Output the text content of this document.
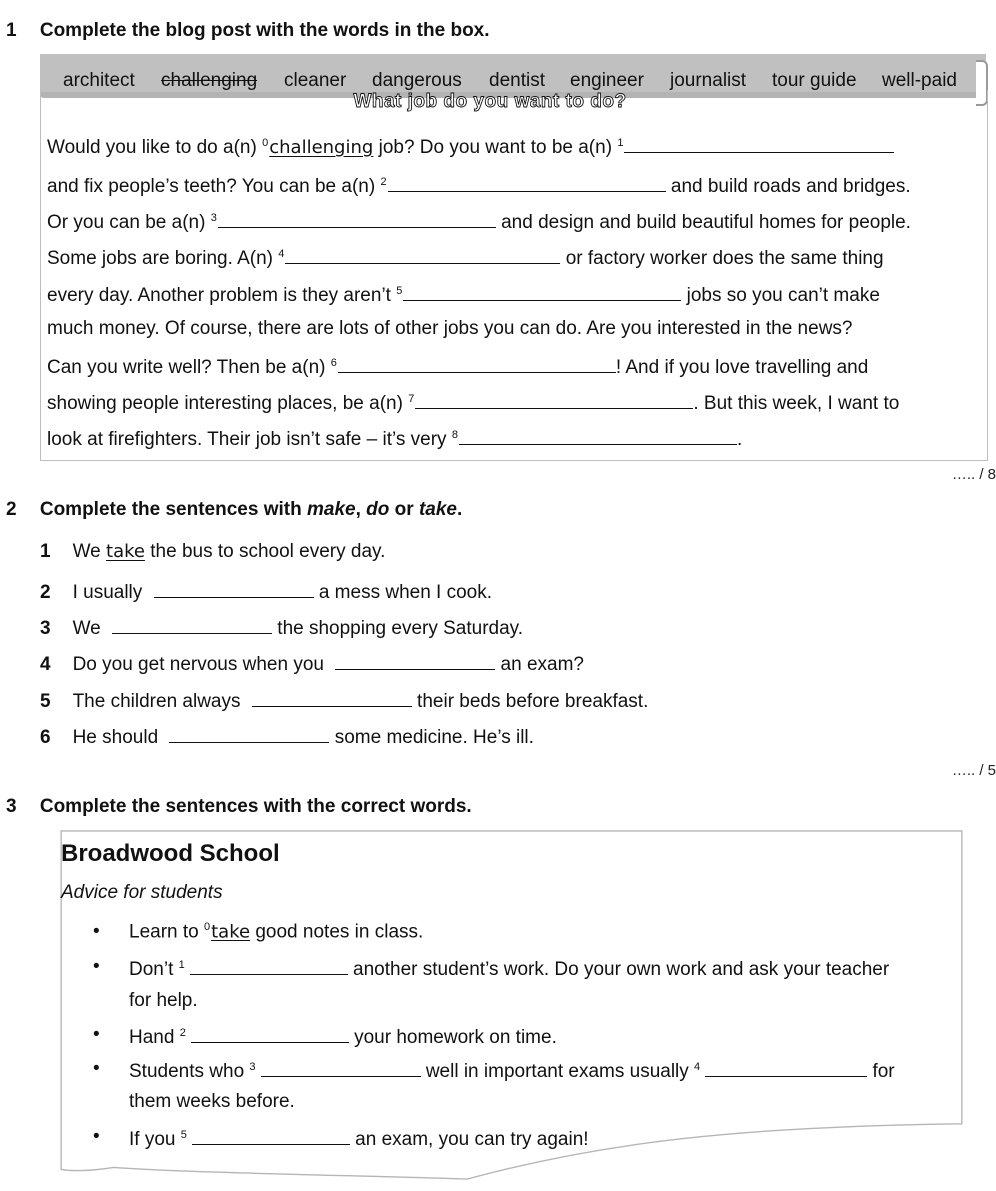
1 Complete the blog post with the words in the box.
architect challenging cleaner dangerous dentist engineer journalist tour guide well-paid
What job do you want to do?
Would you like to do a(n) $^0$challenging job? Do you want to be a(n) $^1$
and fix people’s teeth? You can be a(n) $^2$	and build roads and bridges.
Or you can be a(n) $^3$	and design and build beautiful homes for people.
Some jobs are boring. A(n) $^4$	or factory worker does the same thing
every day. Another problem is they aren’t $^5$	jobs so you can’t make
much money. Of course, there are lots of other jobs you can do. Are you interested in the news?
Can you write well? Then be a(n) $^6$	! And if you love travelling and
showing people interesting places, be a(n) $^7$	. But this week, I want to
look at firefighters. Their job isn’t safe – it’s very $^8$	.
….. / 8
2 Complete the sentences with make, do or take.
1 We take the bus to school every day.
2 I usually	a mess when I cook.
3 We	the shopping every Saturday.
4 Do you get nervous when you	an exam?
5 The children always	their beds before breakfast.
6 He should	some medicine. He’s ill.
….. / 5
3 Complete the sentences with the correct words.
Broadwood School
Advice for students
• Learn to $^0$take good notes in class.
• Don’t $^1$	another student’s work. Do your own work and ask your teacher
for help.
• Hand $^2$	your homework on time.
• Students who $^3$	well in important exams usually $^4$	for
them weeks before.
• If you $^5$	an exam, you can try again!
